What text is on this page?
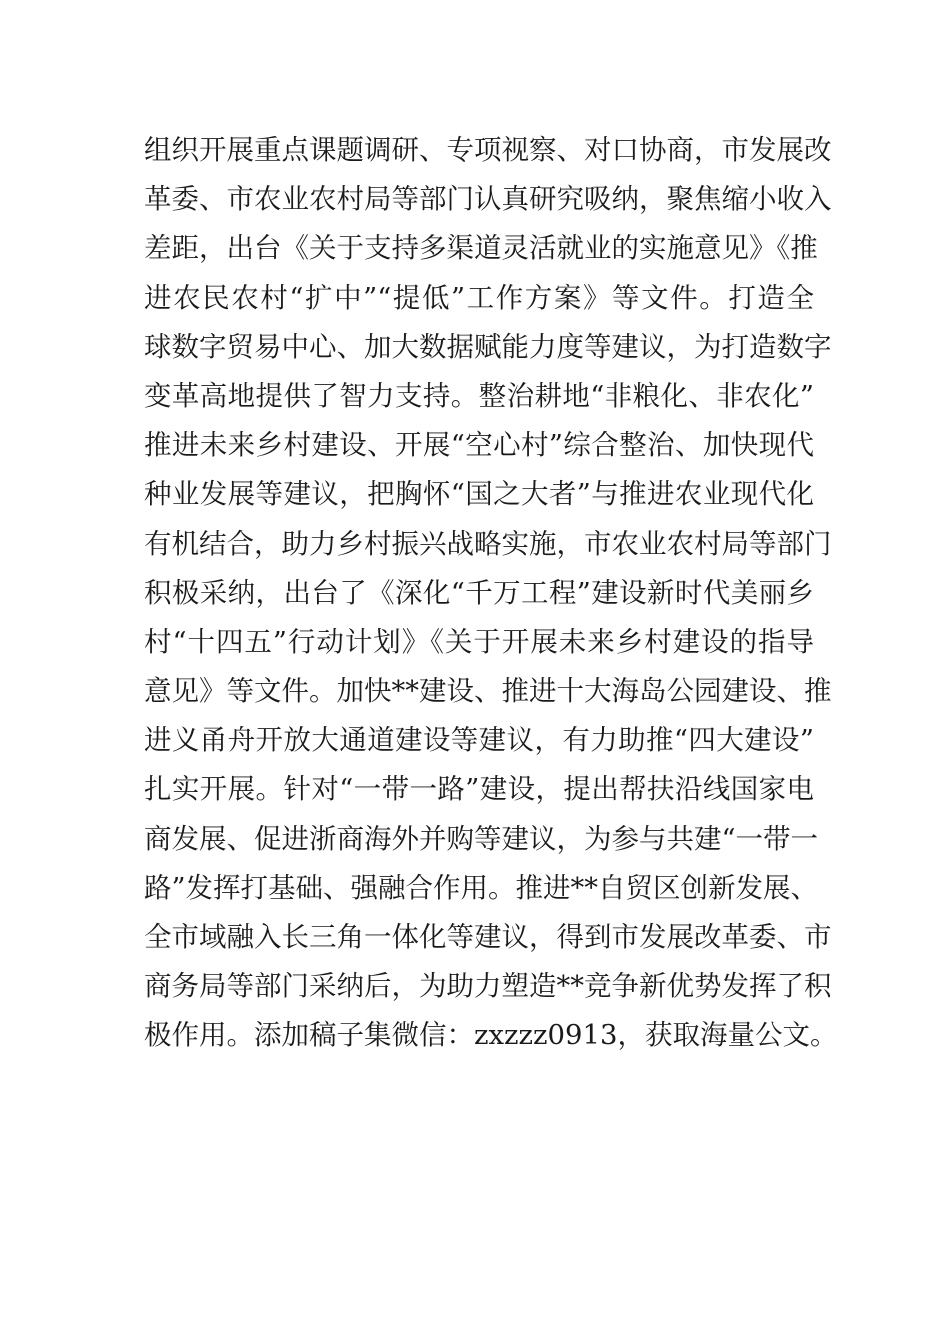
组织开展重点课题调研、专项视察、对口协商，市发展改
革委、市农业农村局等部门认真研究吸纳，聚焦缩小收入
差距，出台《关于支持多渠道灵活就业的实施意见》《推
进农民农村“扩中”“提低”工作方案》等文件。打造全
球数字贸易中心、加大数据赋能力度等建议，为打造数字
变革高地提供了智力支持。整治耕地“非粮化、非农化”
推进未来乡村建设、开展“空心村”综合整治、加快现代
种业发展等建议，把胸怀“国之大者”与推进农业现代化
有机结合，助力乡村振兴战略实施，市农业农村局等部门
积极采纳，出台了《深化“千万工程”建设新时代美丽乡
村“十四五”行动计划》《关于开展未来乡村建设的指导
意见》等文件。加快**建设、推进十大海岛公园建设、推
进义甬舟开放大通道建设等建议，有力助推“四大建设”
扎实开展。针对“一带一路”建设，提出帮扶沿线国家电
商发展、促进浙商海外并购等建议，为参与共建“一带一
路”发挥打基础、强融合作用。推进**自贸区创新发展、
全市域融入长三角一体化等建议，得到市发展改革委、市
商务局等部门采纳后，为助力塑造**竞争新优势发挥了积
极作用。添加稿子集微信：zxzzz0913，获取海量公文。
